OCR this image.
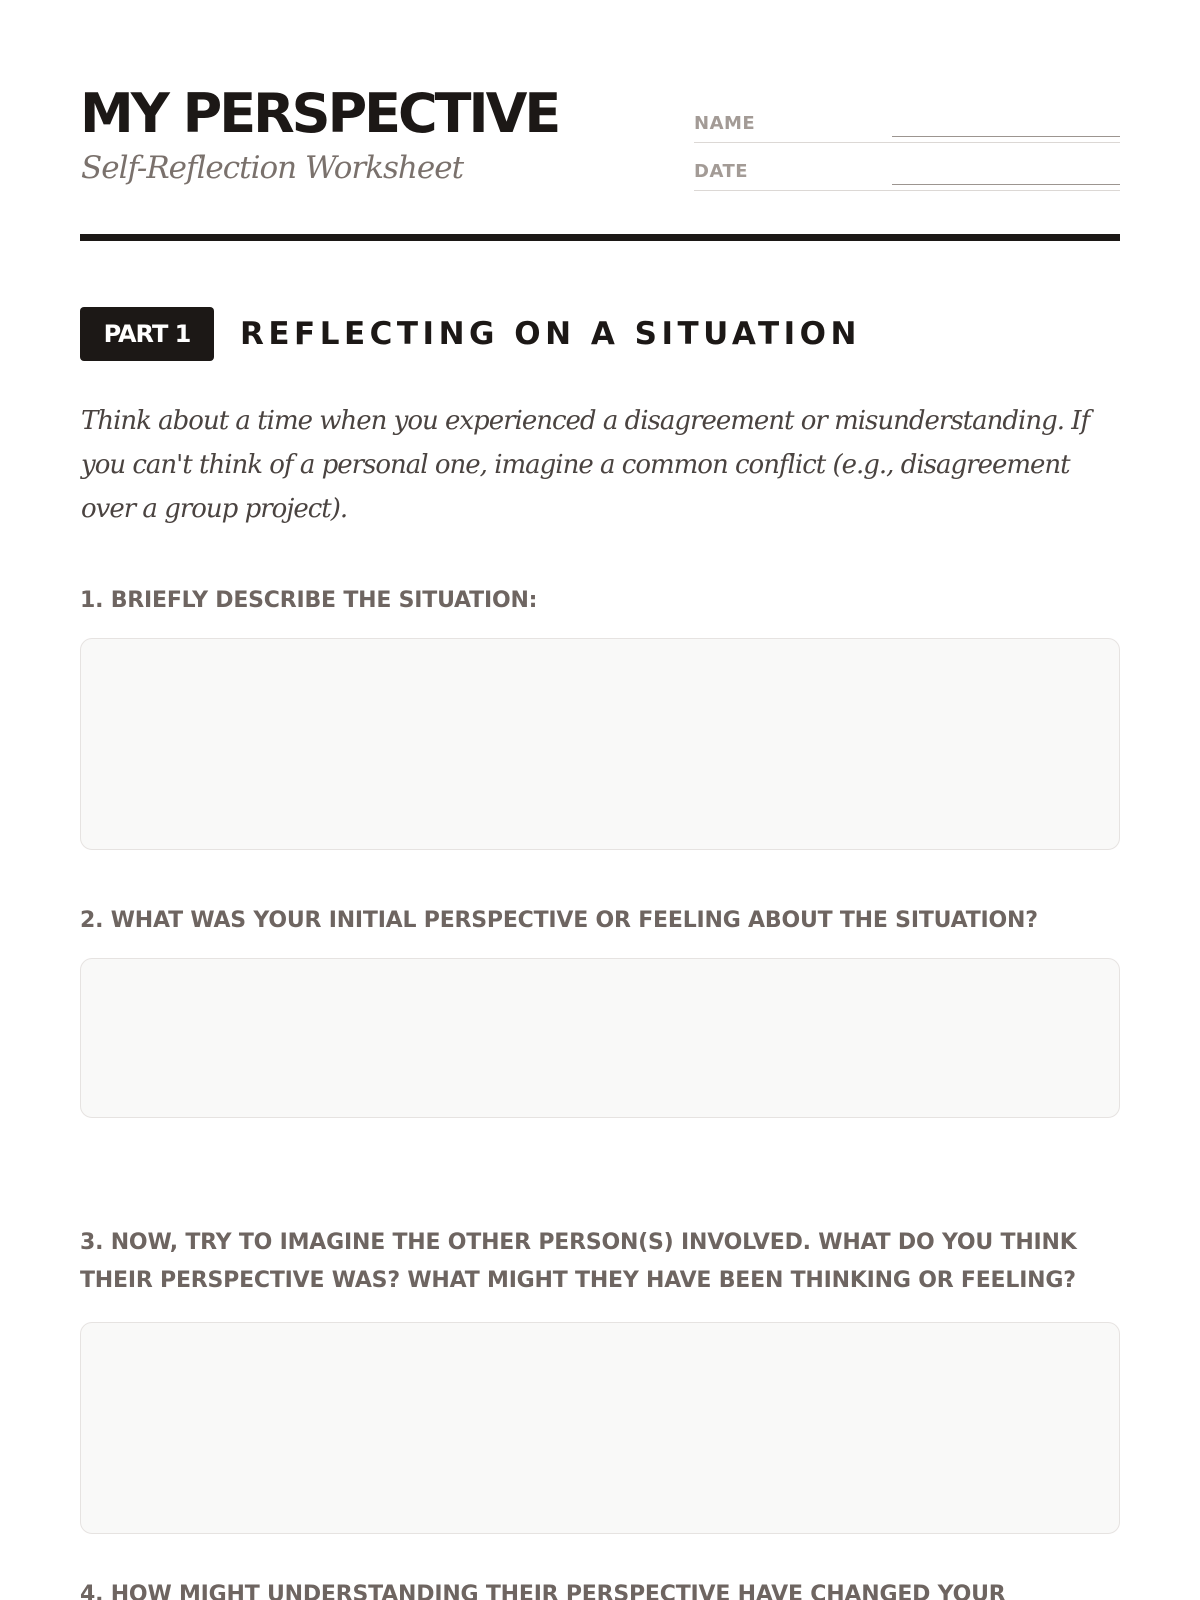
MY PERSPECTIVE
Self-Reflection Worksheet
NAME
DATE
PART 1	REFLECTING ON A SITUATION

Think about a time when you experienced a disagreement or misunderstanding. If you can't think of a personal one, imagine a common conflict (e.g., disagreement over a group project).

1. BRIEFLY DESCRIBE THE SITUATION:
2. WHAT WAS YOUR INITIAL PERSPECTIVE OR FEELING ABOUT THE SITUATION?
3. NOW, TRY TO IMAGINE THE OTHER PERSON(S) INVOLVED. WHAT DO YOU THINK THEIR PERSPECTIVE WAS? WHAT MIGHT THEY HAVE BEEN THINKING OR FEELING?
4. HOW MIGHT UNDERSTANDING THEIR PERSPECTIVE HAVE CHANGED YOUR
